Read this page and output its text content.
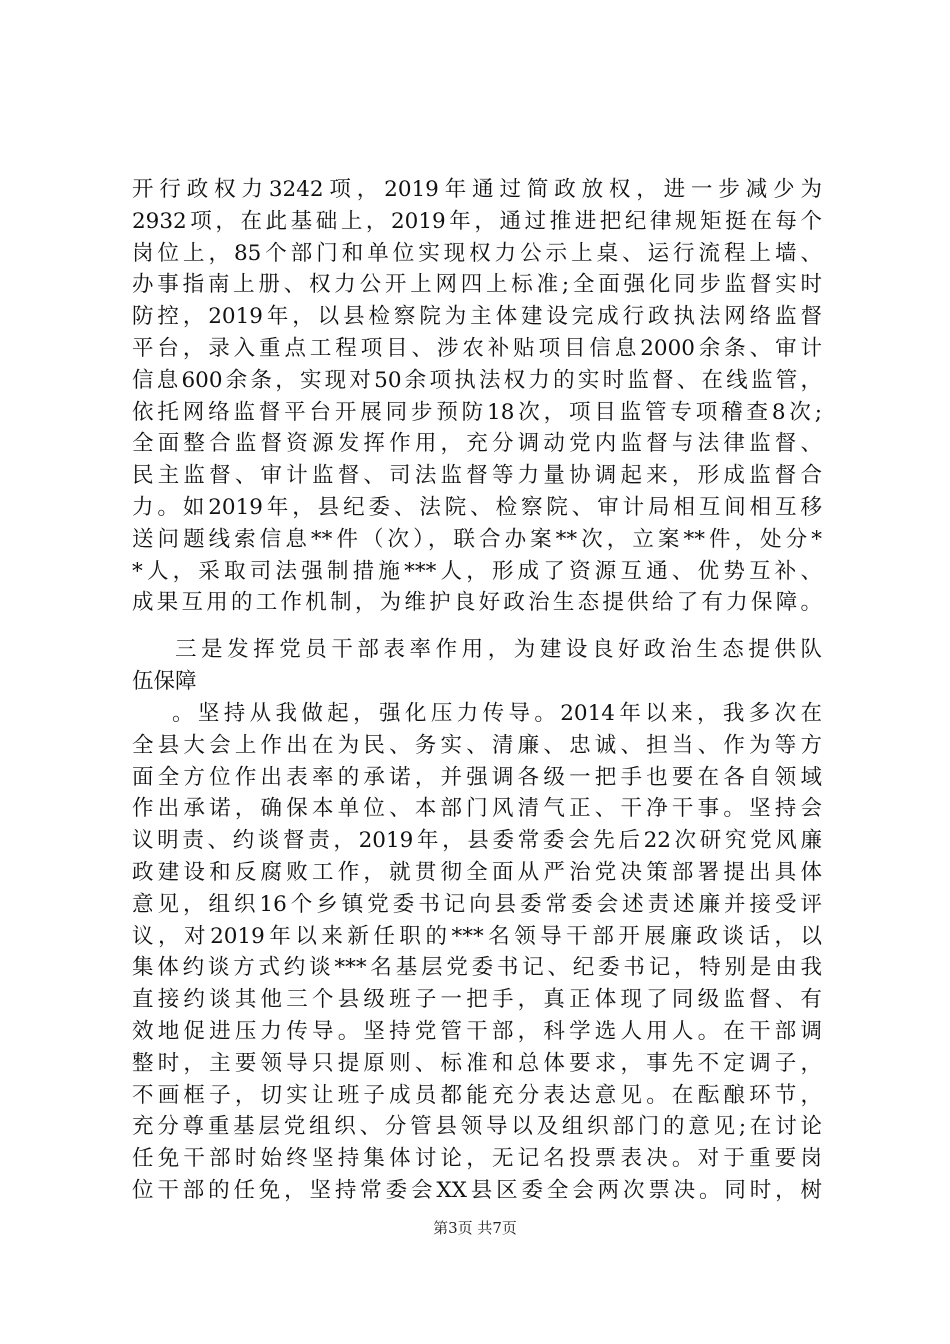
开行政权力3242项，2019年通过简政放权，进一步减少为
2932项，在此基础上，2019年，通过推进把纪律规矩挺在每个
岗位上，85个部门和单位实现权力公示上桌、运行流程上墙、
办事指南上册、权力公开上网四上标准;全面强化同步监督实时
防控，2019年，以县检察院为主体建设完成行政执法网络监督
平台，录入重点工程项目、涉农补贴项目信息2000余条、审计
信息600余条，实现对50余项执法权力的实时监督、在线监管，
依托网络监督平台开展同步预防18次，项目监管专项稽查8次;
全面整合监督资源发挥作用，充分调动党内监督与法律监督、
民主监督、审计监督、司法监督等力量协调起来，形成监督合
力。如2019年，县纪委、法院、检察院、审计局相互间相互移
送问题线索信息**件（次），联合办案**次，立案**件，处分*
*人，采取司法强制措施***人，形成了资源互通、优势互补、
成果互用的工作机制，为维护良好政治生态提供给了有力保障。
三是发挥党员干部表率作用，为建设良好政治生态提供队
伍保障
。坚持从我做起，强化压力传导。2014年以来，我多次在
全县大会上作出在为民、务实、清廉、忠诚、担当、作为等方
面全方位作出表率的承诺，并强调各级一把手也要在各自领域
作出承诺，确保本单位、本部门风清气正、干净干事。坚持会
议明责、约谈督责，2019年，县委常委会先后22次研究党风廉
政建设和反腐败工作，就贯彻全面从严治党决策部署提出具体
意见，组织16个乡镇党委书记向县委常委会述责述廉并接受评
议，对2019年以来新任职的***名领导干部开展廉政谈话，以
集体约谈方式约谈***名基层党委书记、纪委书记，特别是由我
直接约谈其他三个县级班子一把手，真正体现了同级监督、有
效地促进压力传导。坚持党管干部，科学选人用人。在干部调
整时，主要领导只提原则、标准和总体要求，事先不定调子，
不画框子，切实让班子成员都能充分表达意见。在酝酿环节，
充分尊重基层党组织、分管县领导以及组织部门的意见;在讨论
任免干部时始终坚持集体讨论，无记名投票表决。对于重要岗
位干部的任免，坚持常委会XX县区委全会两次票决。同时，树
第3页 共7页
